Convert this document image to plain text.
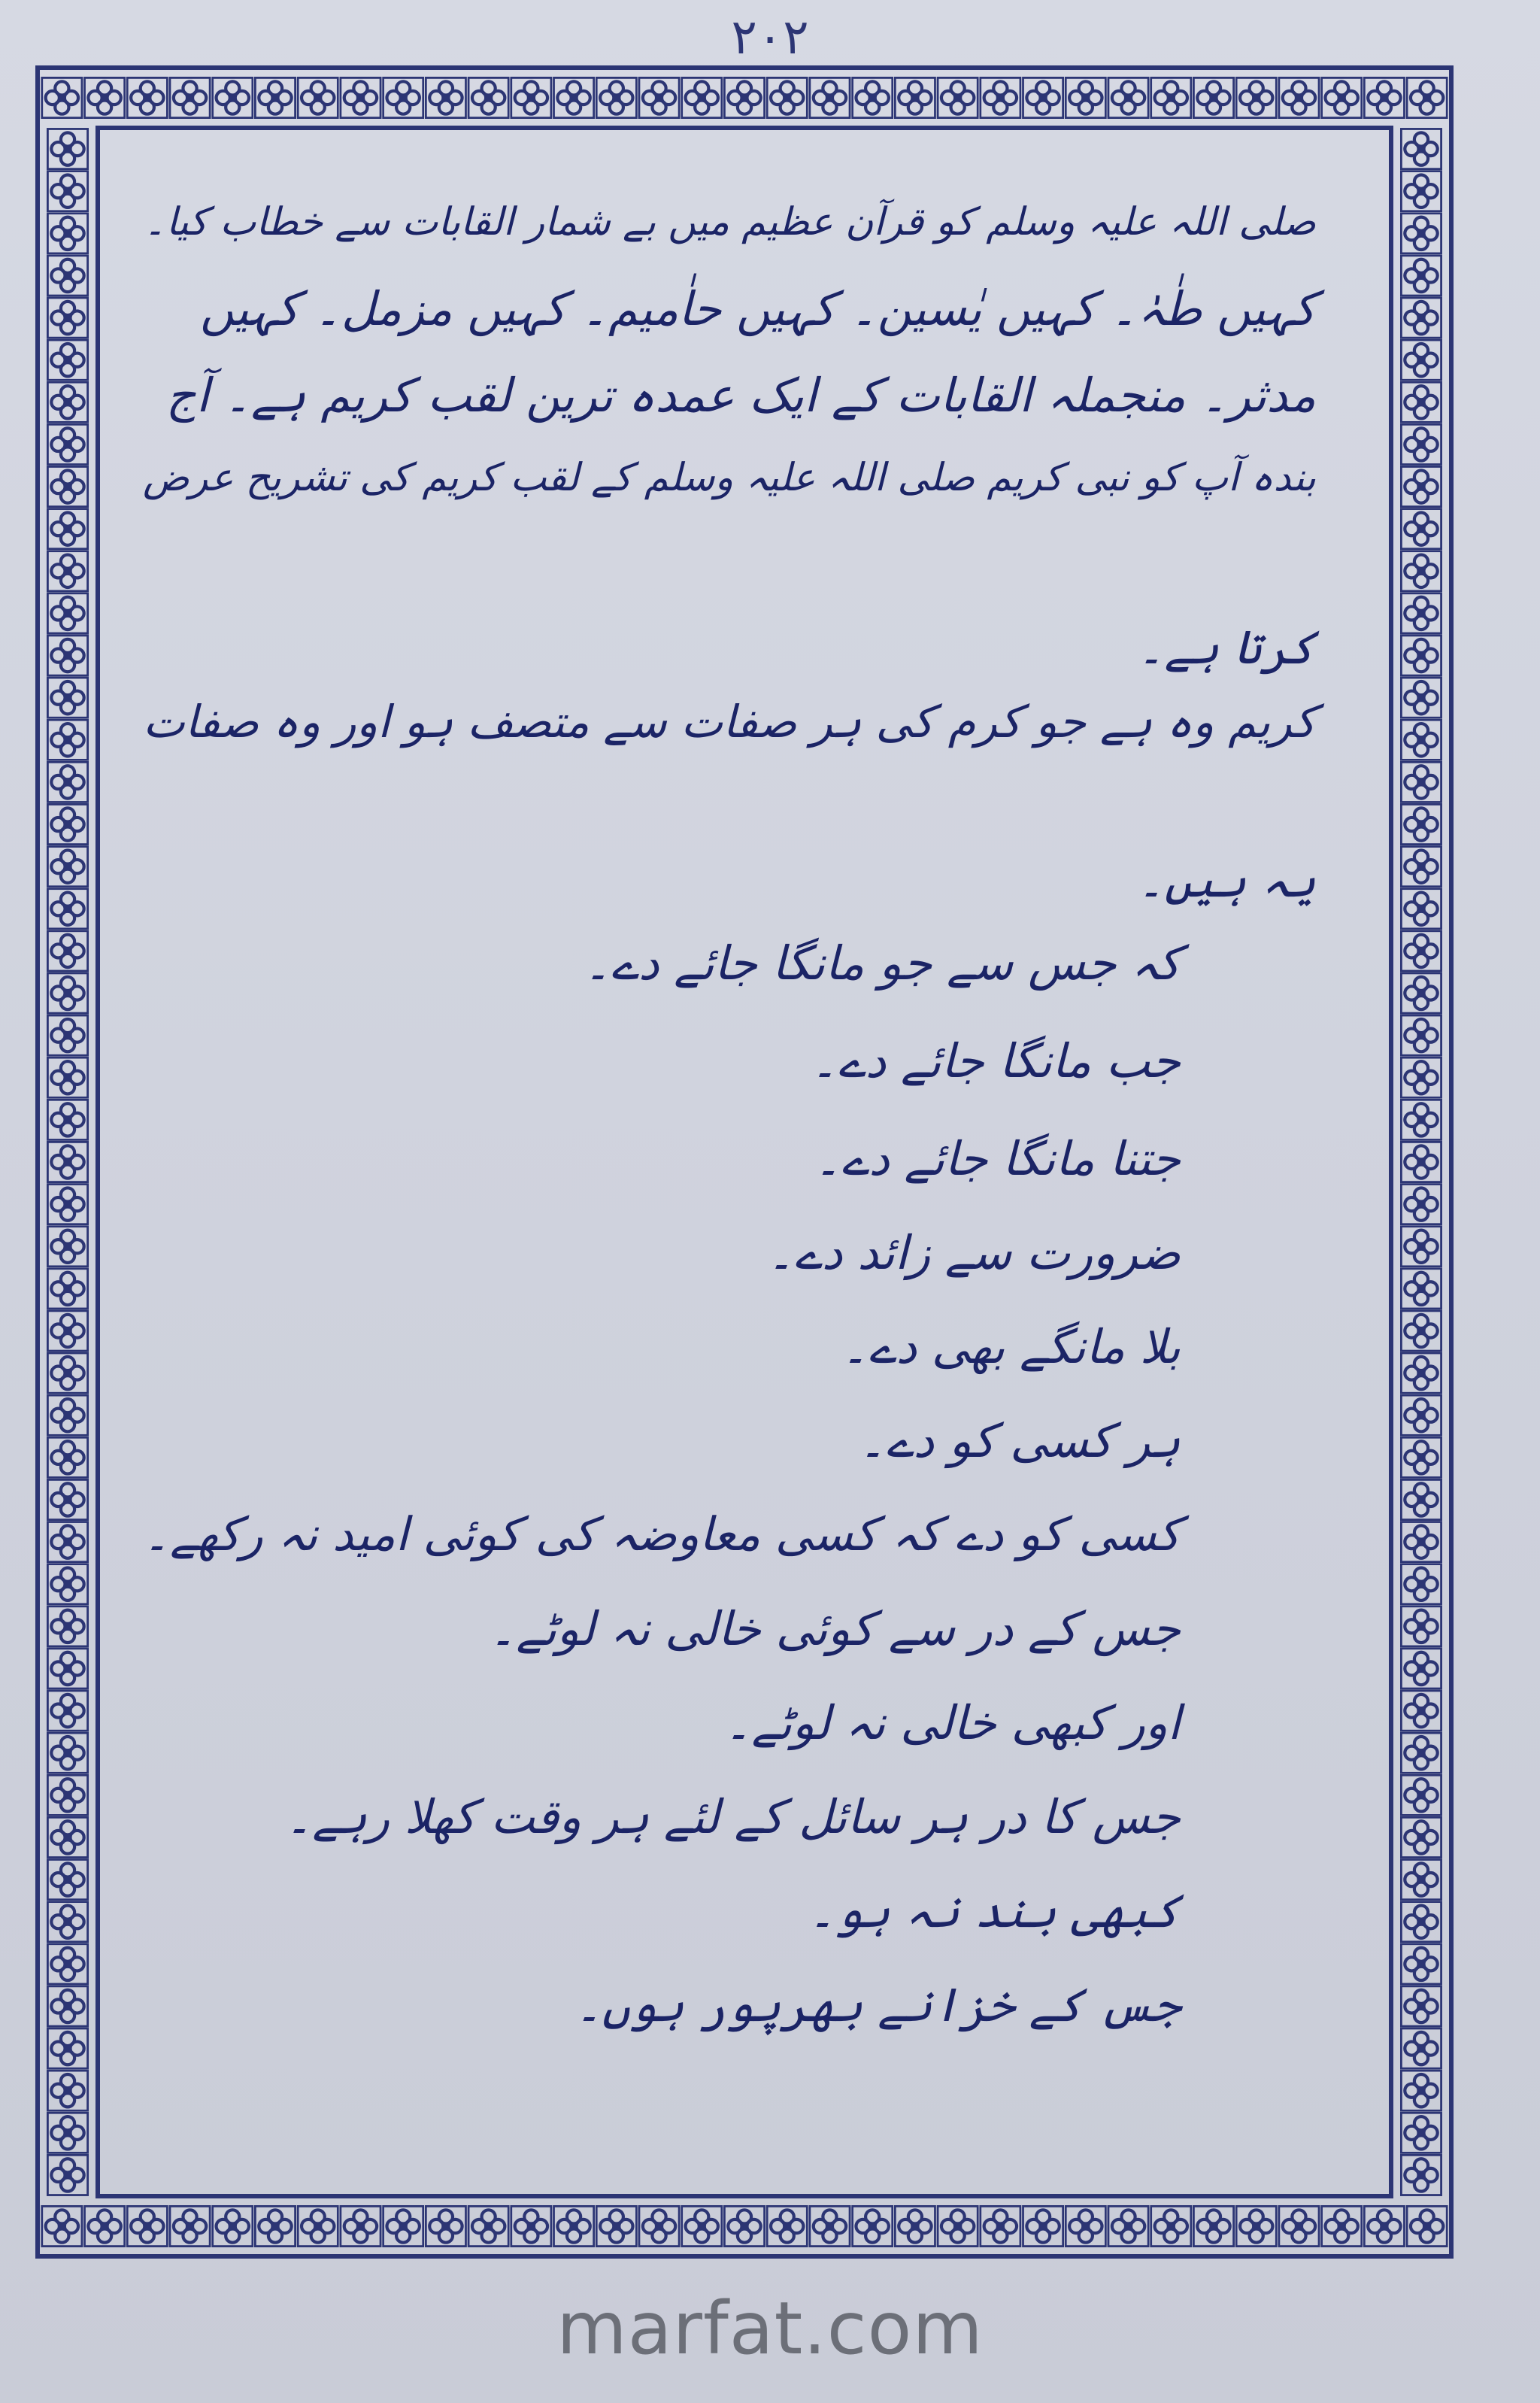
۲۰۲
صلی اللہ علیہ وسلم کو قرآن عظیم میں بے شمار القابات سے خطاب کیا۔
کہیں طٰہٰ۔ کہیں یٰسین۔ کہیں حاٰمیم۔ کہیں مزمل۔ کہیں
مدثر۔ منجملہ القابات کے ایک عمدہ ترین لقب کریم ہے۔ آج
بندہ آپ کو نبی کریم صلی اللہ علیہ وسلم کے لقب کریم کی تشریح عرض
کرتا ہے۔
کریم وہ ہے جو کرم کی ہر صفات سے متصف ہو اور وہ صفات
یہ ہیں۔
کہ جس سے جو مانگا جائے دے۔
جب مانگا جائے دے۔
جتنا مانگا جائے دے۔
ضرورت سے زائد دے۔
بلا مانگے بھی دے۔
ہر کسی کو دے۔
کسی کو دے کہ کسی معاوضہ کی کوئی امید نہ رکھے۔
جس کے در سے کوئی خالی نہ لوٹے۔
اور کبھی خالی نہ لوٹے۔
جس کا در ہر سائل کے لئے ہر وقت کھلا رہے۔
کبھی بند نہ ہو۔
جس کے خزانے بھرپور ہوں۔
marfat.com
